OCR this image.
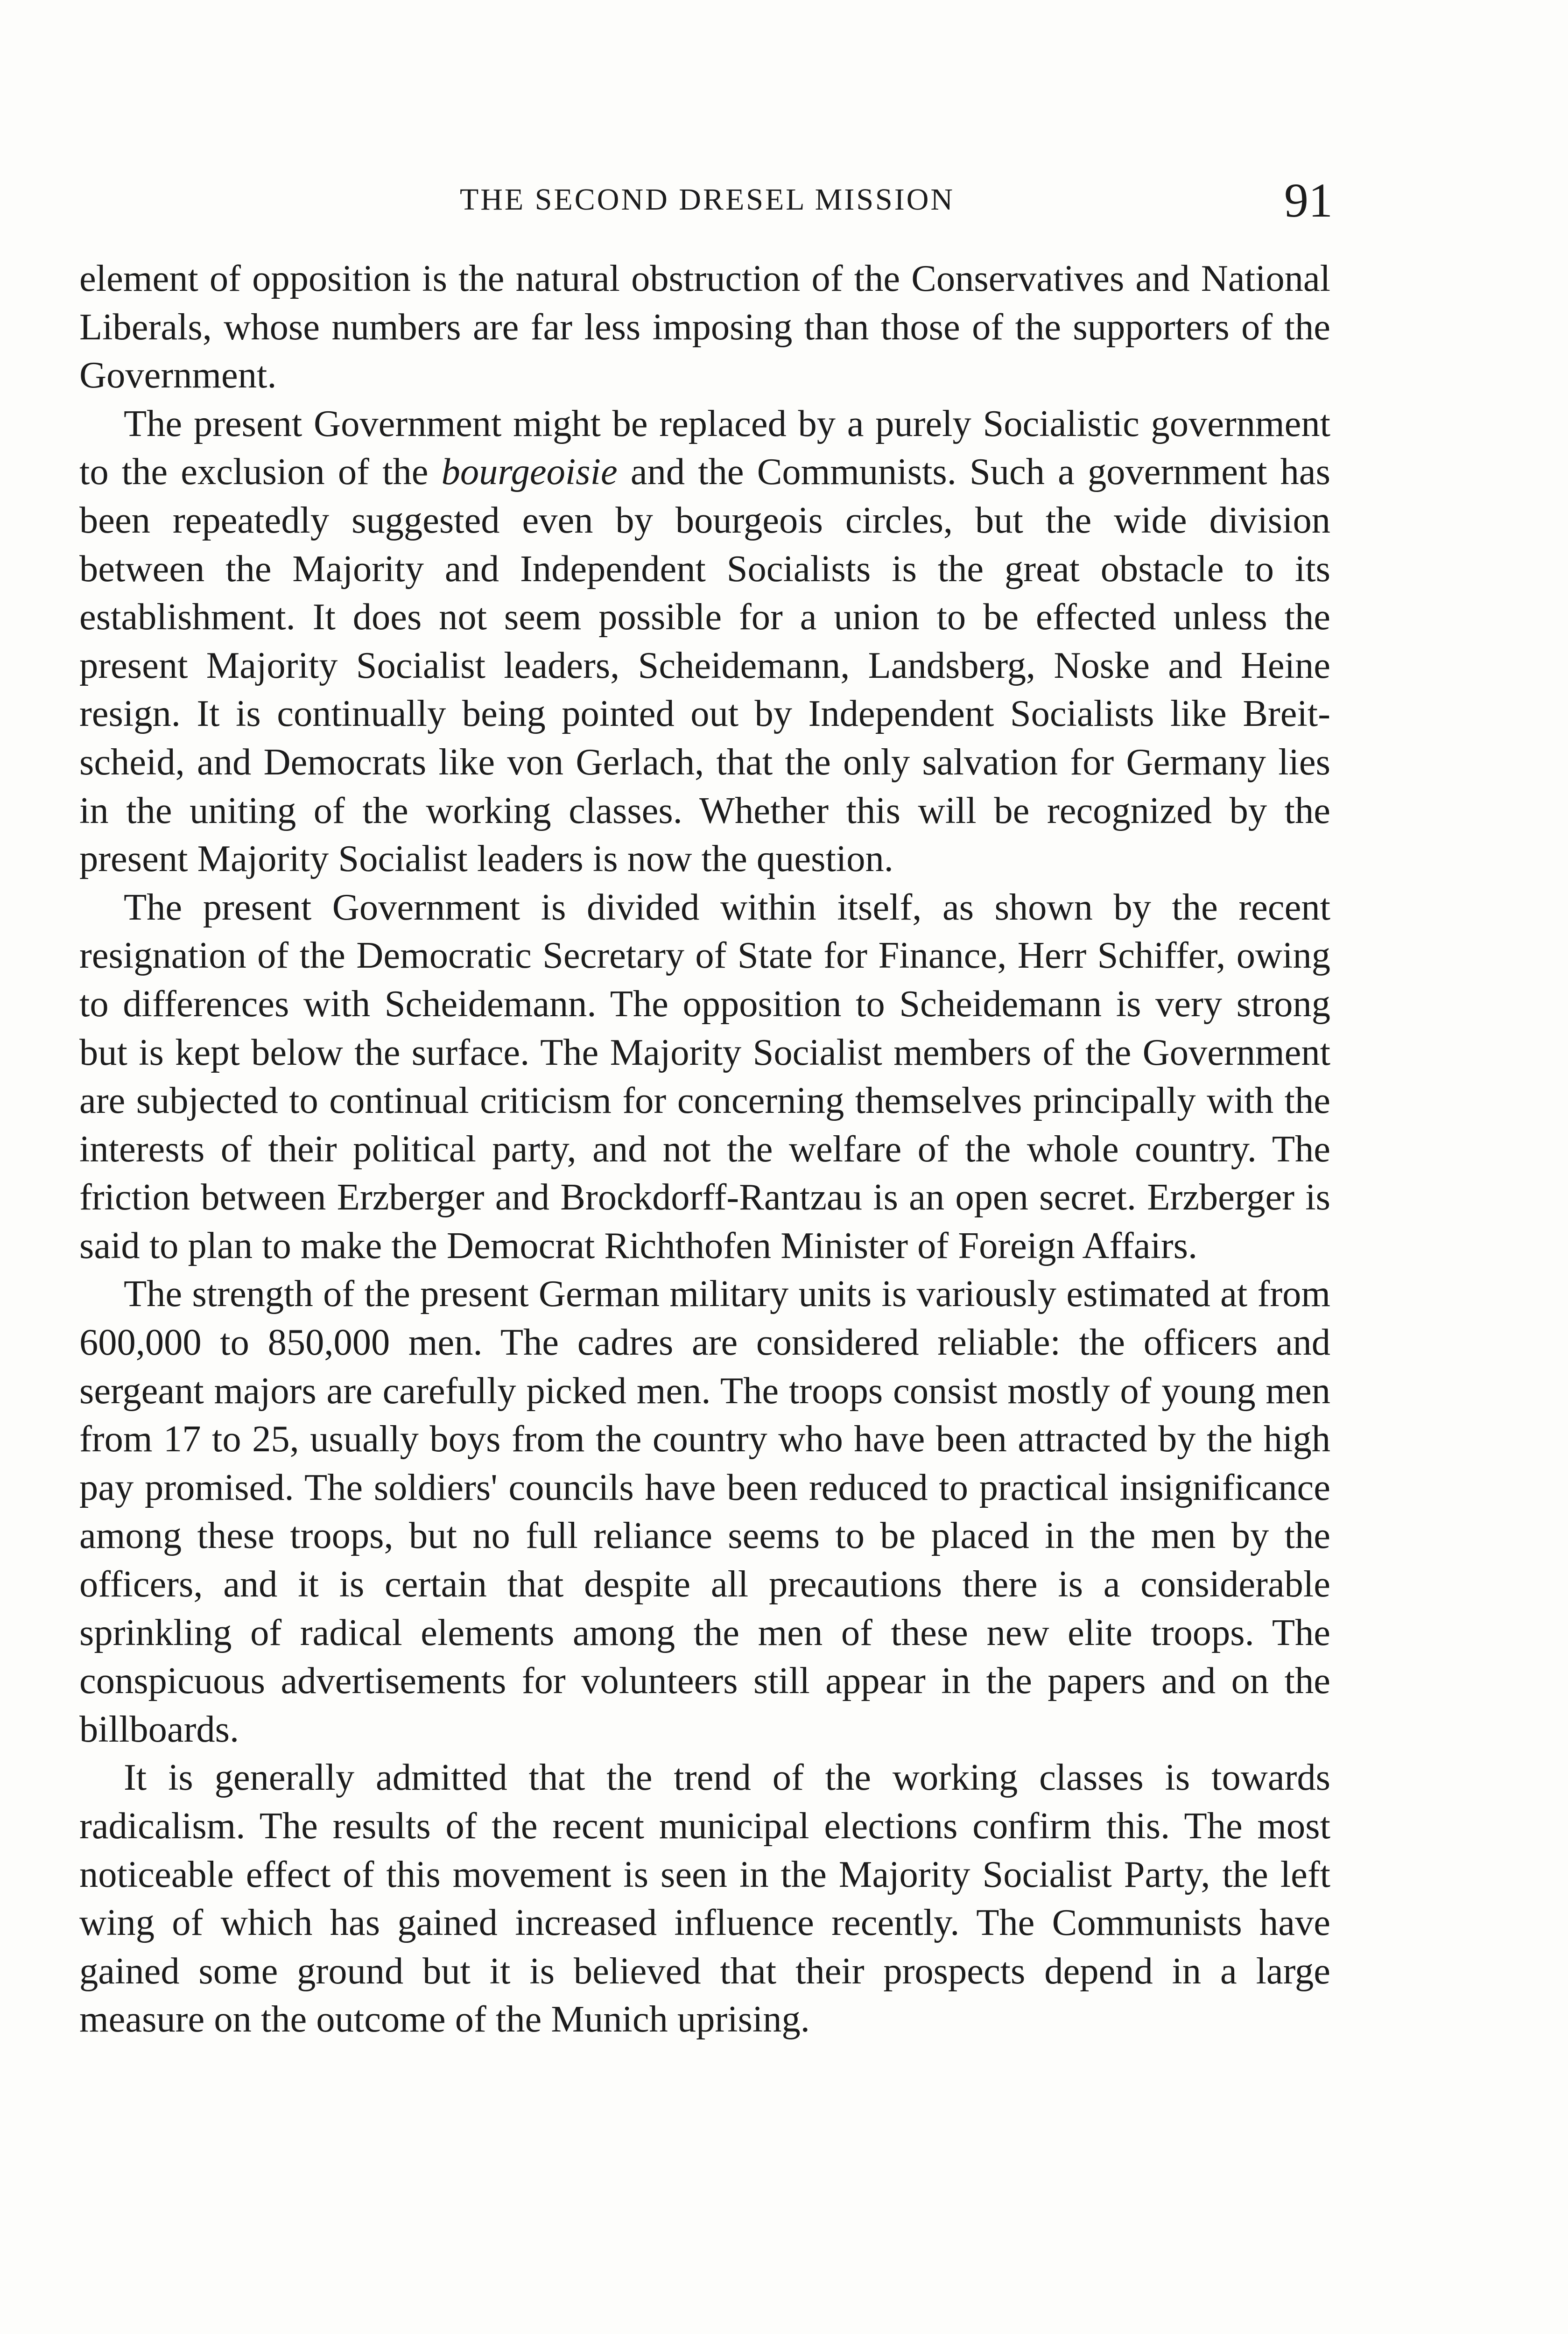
THE SECOND DRESEL MISSION	91

element of opposition is the natural obstruction of the Conservatives and National Liberals, whose numbers are far less imposing than those of the supporters of the Government.

The present Government might be replaced by a purely Socialistic government to the exclusion of the bourgeoisie and the Communists. Such a government has been repeatedly suggested even by bourgeois circles, but the wide division between the Majority and Independent Socialists is the great obstacle to its establishment. It does not seem possible for a union to be effected unless the present Majority Socialist leaders, Scheidemann, Landsberg, Noske and Heine resign. It is continually being pointed out by Independent Socialists like Breitscheid, and Democrats like von Gerlach, that the only salvation for Germany lies in the uniting of the working classes. Whether this will be recognized by the present Majority Socialist leaders is now the question.

The present Government is divided within itself, as shown by the recent resignation of the Democratic Secretary of State for Finance, Herr Schiffer, owing to differences with Scheidemann. The opposition to Scheidemann is very strong but is kept below the surface. The Majority Socialist members of the Government are subjected to continual criticism for concerning themselves principally with the interests of their political party, and not the welfare of the whole country. The friction between Erzberger and Brockdorff-Rantzau is an open secret. Erzberger is said to plan to make the Democrat Richthofen Minister of Foreign Affairs.

The strength of the present German military units is variously estimated at from 600,000 to 850,000 men. The cadres are considered reliable: the officers and sergeant majors are carefully picked men. The troops consist mostly of young men from 17 to 25, usually boys from the country who have been attracted by the high pay promised. The soldiers' councils have been reduced to practical insignificance among these troops, but no full reliance seems to be placed in the men by the officers, and it is certain that despite all precautions there is a considerable sprinkling of radical elements among the men of these new elite troops. The conspicuous advertisements for volunteers still appear in the papers and on the billboards.

It is generally admitted that the trend of the working classes is towards radicalism. The results of the recent municipal elections confirm this. The most noticeable effect of this movement is seen in the Majority Socialist Party, the left wing of which has gained increased influence recently. The Communists have gained some ground but it is believed that their prospects depend in a large measure on the outcome of the Munich uprising.
